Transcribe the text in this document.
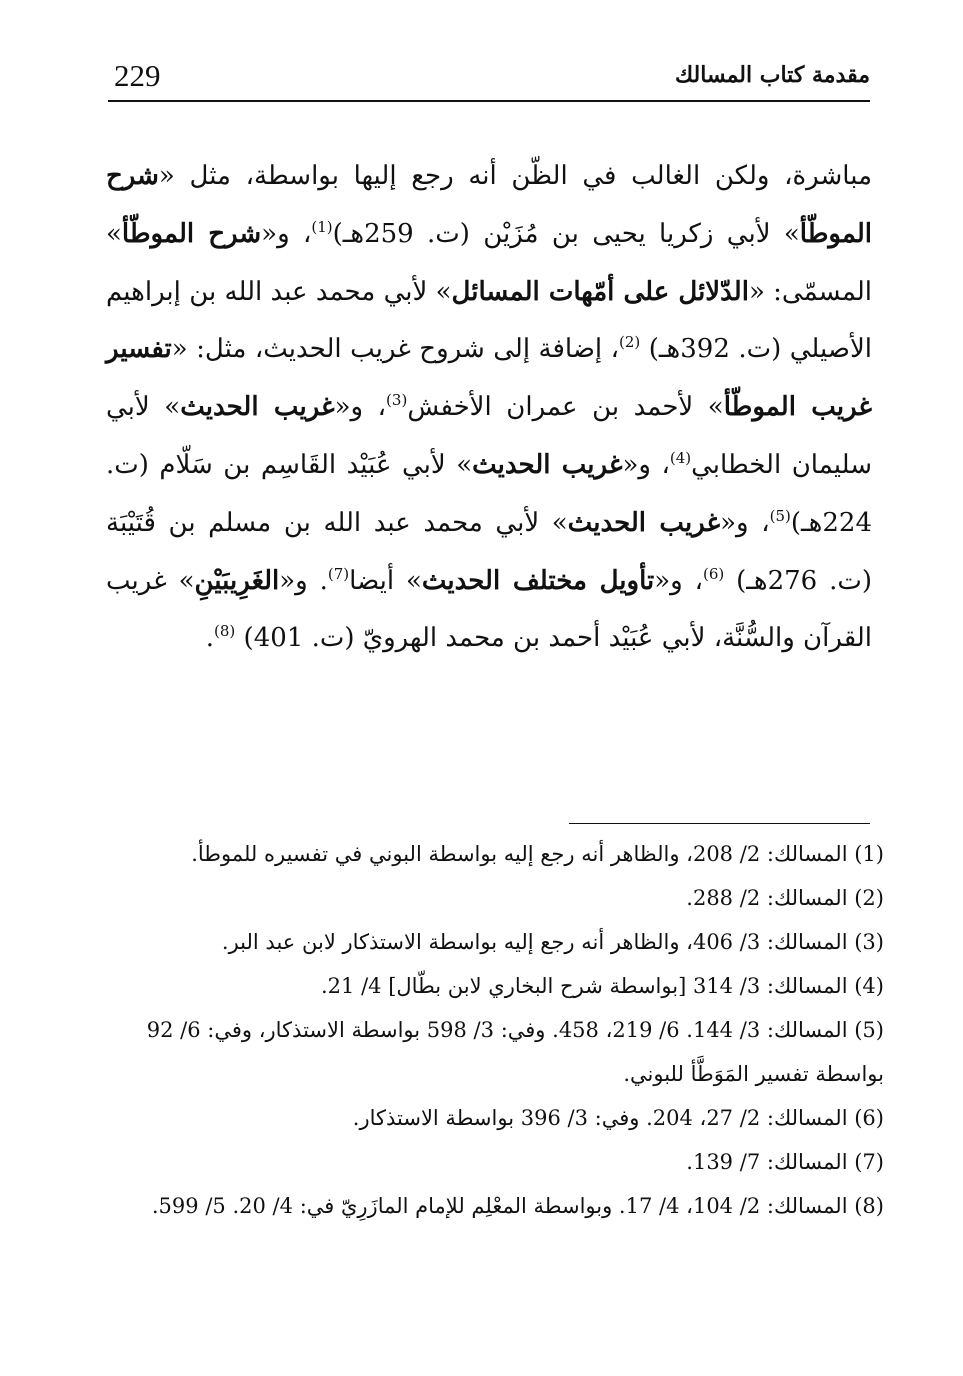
229	مقدمة كتاب المسالك

مباشرة، ولكن الغالب في الظّن أنه رجع إليها بواسطة، مثل «شرح الموطّأ» لأبي زكريا يحيى بن مُزَيْن (ت. 259هـ)$^{(1)}$، و«شرح الموطّأ» المسمّى: «الدّلائل على أمّهات المسائل» لأبي محمد عبد الله بن إبراهيم الأصيلي (ت. 392هـ) $^{(2)}$، إضافة إلى شروح غريب الحديث، مثل: «تفسير غريب الموطّأ» لأحمد بن عمران الأخفش$^{(3)}$، و«غريب الحديث» لأبي سليمان الخطابي$^{(4)}$، و«غريب الحديث» لأبي عُبَيْد القَاسِم بن سَلّام (ت. 224هـ)$^{(5)}$، و«غريب الحديث» لأبي محمد عبد الله بن مسلم بن قُتَيْبَة (ت. 276هـ) $^{(6)}$، و«تأويل مختلف الحديث» أيضا$^{(7)}$. و«الغَرِيبَيْنِ» غريب القرآن والسُّنَّة، لأبي عُبَيْد أحمد بن محمد الهرويّ (ت. 401) $^{(8)}$.

(1) المسالك: 2/ 208، والظاهر أنه رجع إليه بواسطة البوني في تفسيره للموطأ.

(2) المسالك: 2/ 288.

(3) المسالك: 3/ 406، والظاهر أنه رجع إليه بواسطة الاستذكار لابن عبد البر.

(4) المسالك: 3/ 314 [بواسطة شرح البخاري لابن بطّال] 4/ 21.

(5) المسالك: 3/ 144. 6/ 219، 458. وفي: 3/ 598 بواسطة الاستذكار، وفي: 6/ 92 بواسطة تفسير المَوَطَّأ للبوني.

(6) المسالك: 2/ 27، 204. وفي: 3/ 396 بواسطة الاستذكار.

(7) المسالك: 7/ 139.

(8) المسالك: 2/ 104، 4/ 17. وبواسطة المعْلِم للإمام المازَرِيّ في: 4/ 20. 5/ 599.
